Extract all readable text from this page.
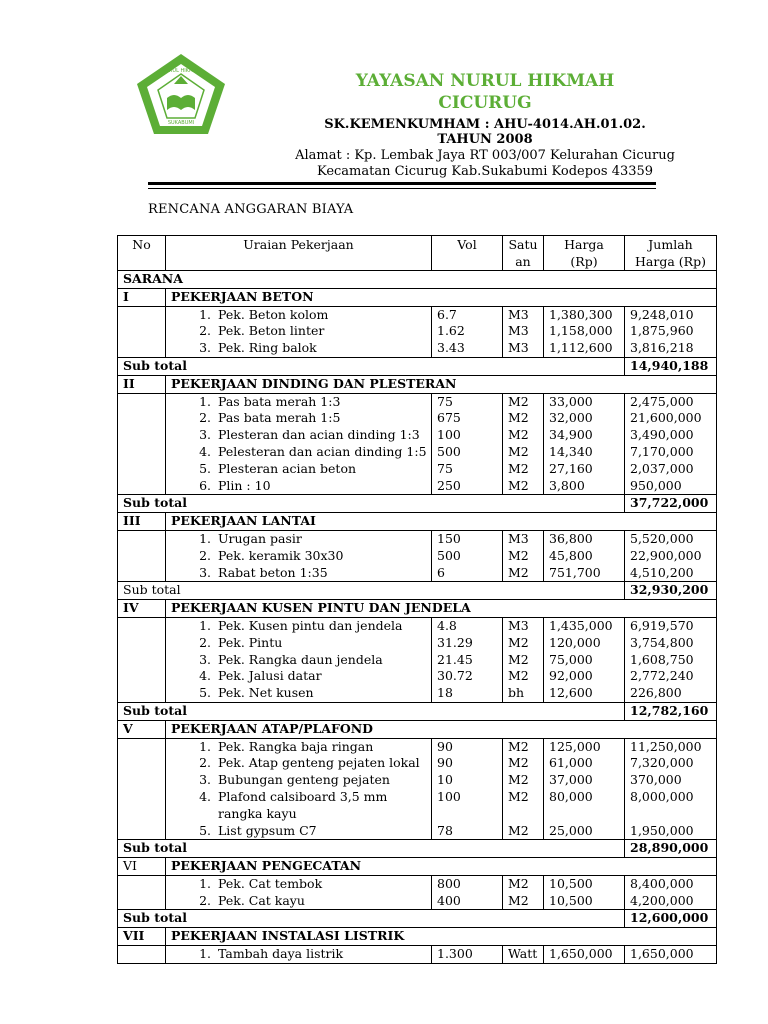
NURUL HIKMAH
SUKABUMI
YAYASAN NURUL HIKMAH
CICURUG
SK.KEMENKUMHAM : AHU-4014.AH.01.02.
TAHUN 2008
Alamat : Kp. Lembak Jaya RT 003/007 Kelurahan Cicurug
Kecamatan Cicurug Kab.Sukabumi Kodepos 43359
RENCANA ANGGARAN BIAYA
No	Uraian Pekerjaan	Vol	Satu an	Harga (Rp)	Jumlah Harga (Rp)
SARANA					
I	PEKERJAAN BETON				
	1. Pek. Beton kolom	6.7	M3	1,380,300	9,248,010
	2. Pek. Beton linter	1.62	M3	1,158,000	1,875,960
	3. Pek. Ring balok	3.43	M3	1,112,600	3,816,218
Sub total					14,940,188
II	PEKERJAAN DINDING DAN PLESTERAN				
	1. Pas bata merah 1:3	75	M2	33,000	2,475,000
	2. Pas bata merah 1:5	675	M2	32,000	21,600,000
	3. Plesteran dan acian dinding 1:3	100	M2	34,900	3,490,000
	4. Pelesteran dan acian dinding 1:5	500	M2	14,340	7,170,000
	5. Plesteran acian beton	75	M2	27,160	2,037,000
	6. Plin : 10	250	M2	3,800	950,000
Sub total					37,722,000
III	PEKERJAAN LANTAI				
	1. Urugan pasir	150	M3	36,800	5,520,000
	2. Pek. keramik 30x30	500	M2	45,800	22,900,000
	3. Rabat beton 1:35	6	M2	751,700	4,510,200
Sub total					32,930,200
IV	PEKERJAAN KUSEN PINTU DAN JENDELA				
	1. Pek. Kusen pintu dan jendela	4.8	M3	1,435,000	6,919,570
	2. Pek. Pintu	31.29	M2	120,000	3,754,800
	3. Pek. Rangka daun jendela	21.45	M2	75,000	1,608,750
	4. Pek. Jalusi datar	30.72	M2	92,000	2,772,240
	5. Pek. Net kusen	18	bh	12,600	226,800
Sub total					12,782,160
V	PEKERJAAN ATAP/PLAFOND				
	1. Pek. Rangka baja ringan	90	M2	125,000	11,250,000
	2. Pek. Atap genteng pejaten lokal	90	M2	61,000	7,320,000
	3. Bubungan genteng pejaten	10	M2	37,000	370,000
	4. Plafond calsiboard 3,5 mm	100	M2	80,000	8,000,000
	rangka kayu				
	5. List gypsum C7	78	M2	25,000	1,950,000
Sub total					28,890,000
VI	PEKERJAAN PENGECATAN				
	1. Pek. Cat tembok	800	M2	10,500	8,400,000
	2. Pek. Cat kayu	400	M2	10,500	4,200,000
Sub total					12,600,000
VII	PEKERJAAN INSTALASI LISTRIK				
	1. Tambah daya listrik	1.300	Watt	1,650,000	1,650,000
